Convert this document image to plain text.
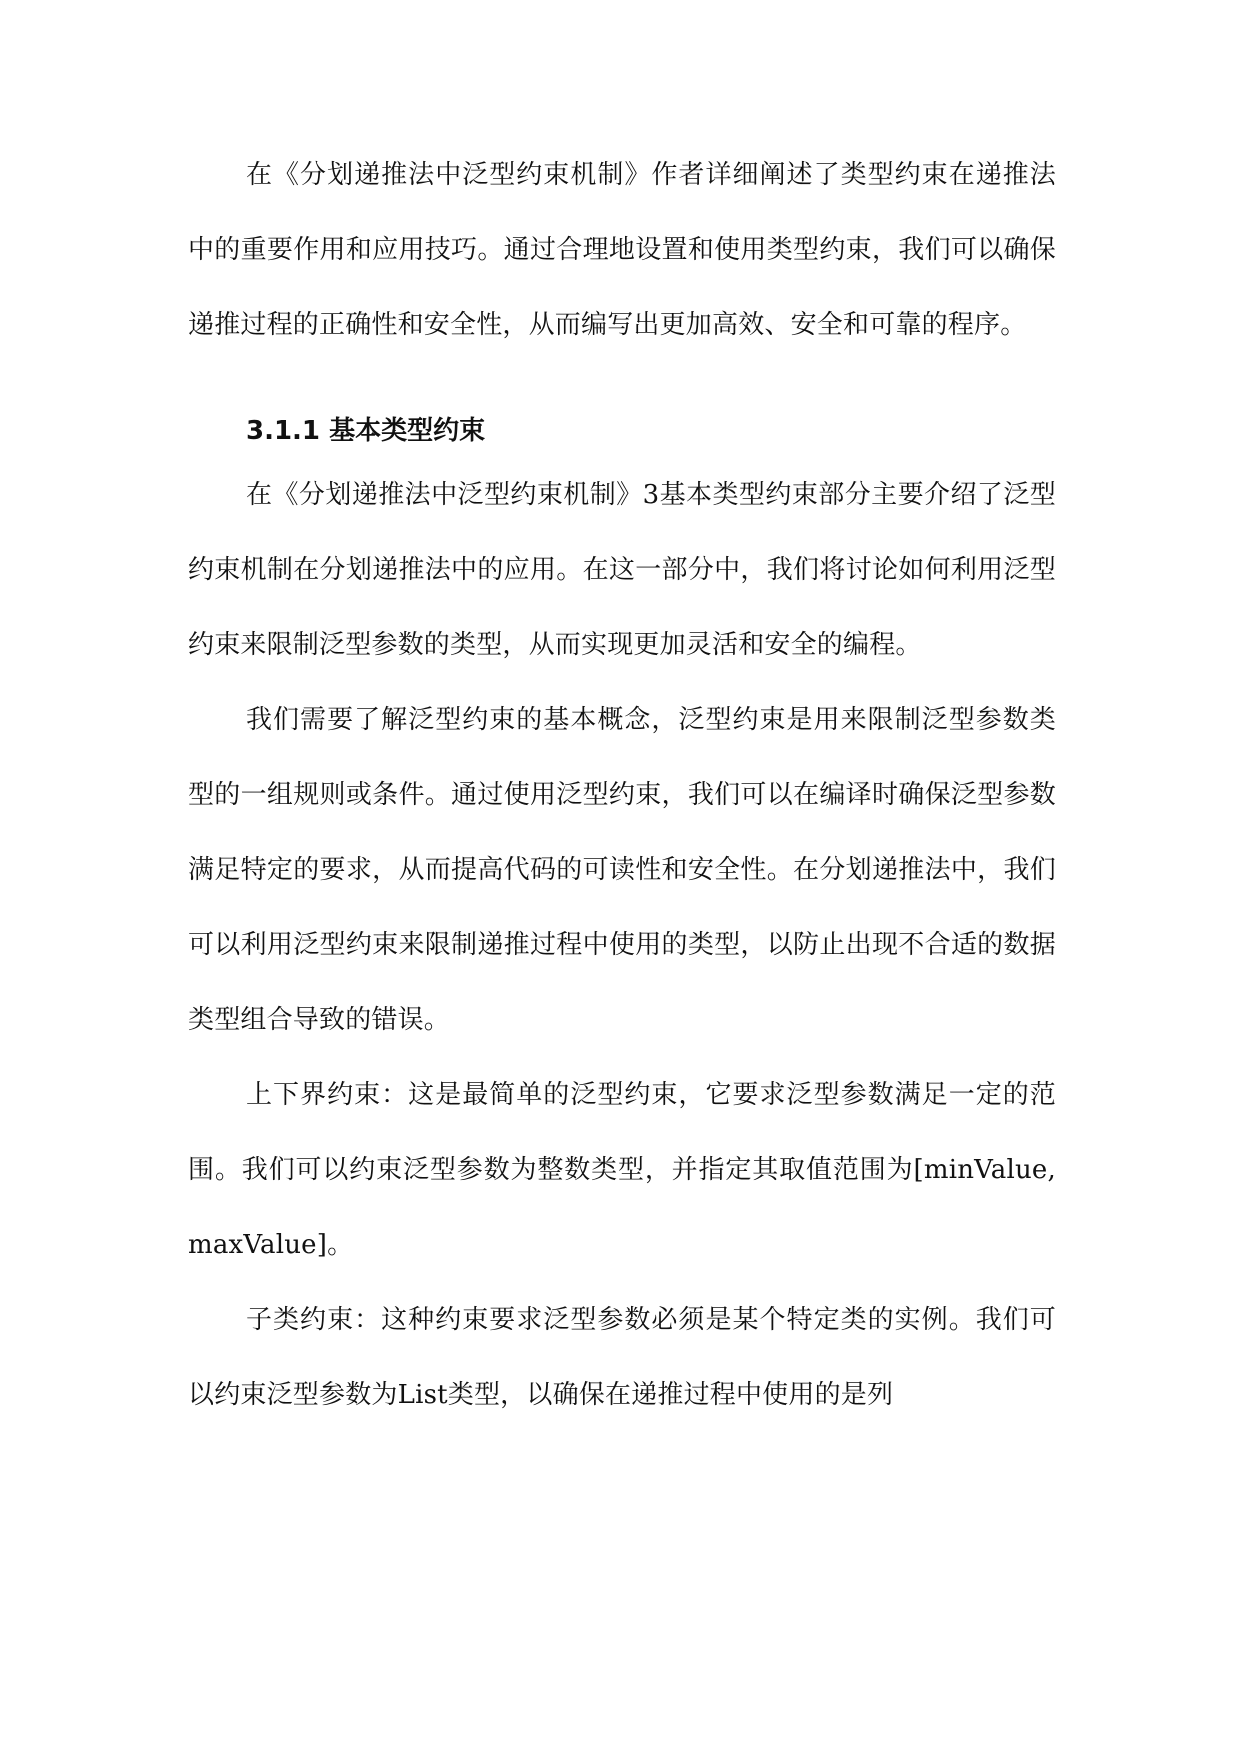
在《分划递推法中泛型约束机制》作者详细阐述了类型约束在递推法中的重要作用和应用技巧。通过合理地设置和使用类型约束，我们可以确保递推过程的正确性和安全性，从而编写出更加高效、安全和可靠的程序。

3.1.1 基本类型约束

在《分划递推法中泛型约束机制》3基本类型约束部分主要介绍了泛型约束机制在分划递推法中的应用。在这一部分中，我们将讨论如何利用泛型约束来限制泛型参数的类型，从而实现更加灵活和安全的编程。

我们需要了解泛型约束的基本概念，泛型约束是用来限制泛型参数类型的一组规则或条件。通过使用泛型约束，我们可以在编译时确保泛型参数满足特定的要求，从而提高代码的可读性和安全性。在分划递推法中，我们可以利用泛型约束来限制递推过程中使用的类型，以防止出现不合适的数据类型组合导致的错误。

上下界约束：这是最简单的泛型约束，它要求泛型参数满足一定的范围。我们可以约束泛型参数为整数类型，并指定其取值范围为[minValue, maxValue]。

子类约束：这种约束要求泛型参数必须是某个特定类的实例。我们可以约束泛型参数为List类型，以确保在递推过程中使用的是列
